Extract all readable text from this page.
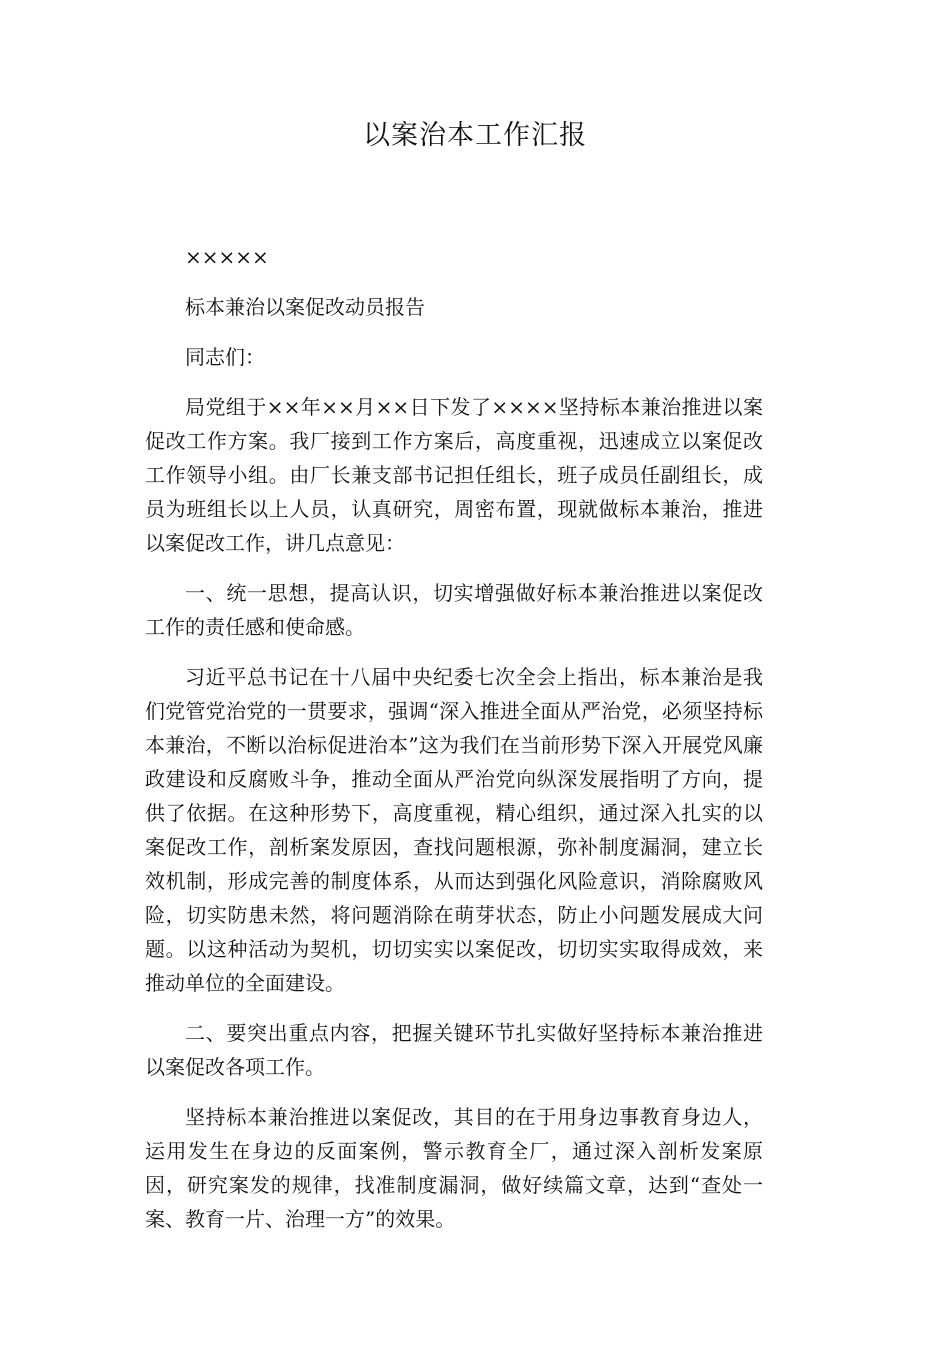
以案治本工作汇报

×××××

标本兼治以案促改动员报告

同志们：

局党组于××年××月××日下发了××××坚持标本兼治推进以案促改工作方案。我厂接到工作方案后，高度重视，迅速成立以案促改工作领导小组。由厂长兼支部书记担任组长，班子成员任副组长，成员为班组长以上人员，认真研究，周密布置，现就做标本兼治，推进以案促改工作，讲几点意见：

一、统一思想，提高认识，切实增强做好标本兼治推进以案促改工作的责任感和使命感。

习近平总书记在十八届中央纪委七次全会上指出，标本兼治是我们党管党治党的一贯要求，强调“深入推进全面从严治党，必须坚持标本兼治，不断以治标促进治本”这为我们在当前形势下深入开展党风廉政建设和反腐败斗争，推动全面从严治党向纵深发展指明了方向，提供了依据。在这种形势下，高度重视，精心组织，通过深入扎实的以案促改工作，剖析案发原因，查找问题根源，弥补制度漏洞，建立长效机制，形成完善的制度体系，从而达到强化风险意识，消除腐败风险，切实防患未然，将问题消除在萌芽状态，防止小问题发展成大问题。以这种活动为契机，切切实实以案促改，切切实实取得成效，来推动单位的全面建设。

二、要突出重点内容，把握关键环节扎实做好坚持标本兼治推进以案促改各项工作。

坚持标本兼治推进以案促改，其目的在于用身边事教育身边人，运用发生在身边的反面案例，警示教育全厂，通过深入剖析发案原因，研究案发的规律，找准制度漏洞，做好续篇文章，达到“查处一案、教育一片、治理一方”的效果。
